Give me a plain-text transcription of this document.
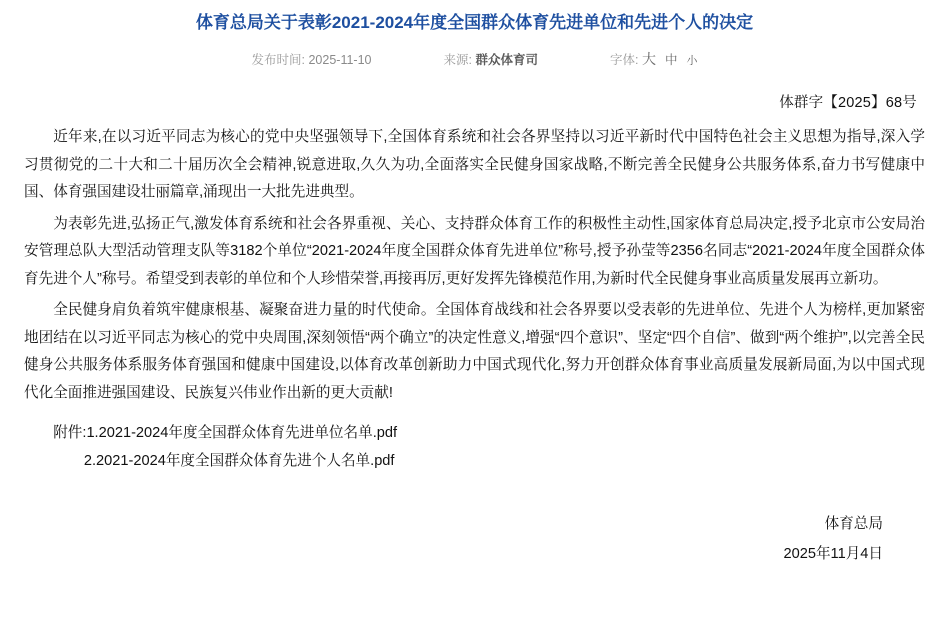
体育总局关于表彰2021-2024年度全国群众体育先进单位和先进个人的决定
发布时间: 2025-11-10	来源: 群众体育司	字体: 大 中 小
体群字【2025】68号

近年来,在以习近平同志为核心的党中央坚强领导下,全国体育系统和社会各界坚持以习近平新时代中国特色社会主义思想为指导,深入学习贯彻党的二十大和二十届历次全会精神,锐意进取,久久为功,全面落实全民健身国家战略,不断完善全民健身公共服务体系,奋力书写健康中国、体育强国建设壮丽篇章,涌现出一大批先进典型。

为表彰先进,弘扬正气,激发体育系统和社会各界重视、关心、支持群众体育工作的积极性主动性,国家体育总局决定,授予北京市公安局治安管理总队大型活动管理支队等3182个单位“2021-2024年度全国群众体育先进单位”称号,授予孙莹等2356名同志“2021-2024年度全国群众体育先进个人”称号。希望受到表彰的单位和个人珍惜荣誉,再接再厉,更好发挥先锋模范作用,为新时代全民健身事业高质量发展再立新功。

全民健身肩负着筑牢健康根基、凝聚奋进力量的时代使命。全国体育战线和社会各界要以受表彰的先进单位、先进个人为榜样,更加紧密地团结在以习近平同志为核心的党中央周围,深刻领悟“两个确立”的决定性意义,增强“四个意识”、坚定“四个自信”、做到“两个维护”,以完善全民健身公共服务体系服务体育强国和健康中国建设,以体育改革创新助力中国式现代化,努力开创群众体育事业高质量发展新局面,为以中国式现代化全面推进强国建设、民族复兴伟业作出新的更大贡献!

附件:1.2021-2024年度全国群众体育先进单位名单.pdf
2.2021-2024年度全国群众体育先进个人名单.pdf
体育总局
2025年11月4日
